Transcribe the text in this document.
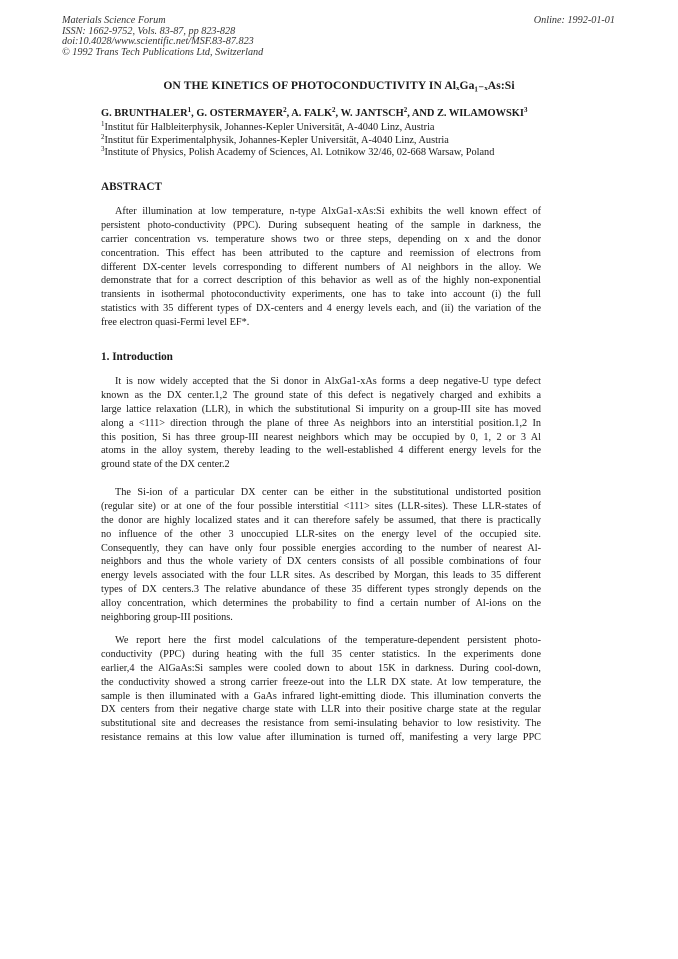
Materials Science Forum
ISSN: 1662-9752, Vols. 83-87, pp 823-828
doi:10.4028/www.scientific.net/MSF.83-87.823
© 1992 Trans Tech Publications Ltd, Switzerland
Online: 1992-01-01
ON THE KINETICS OF PHOTOCONDUCTIVITY IN AlₓGa₁₋ₓAs:Si
G. BRUNTHALER$^1$, G. OSTERMAYER$^2$, A. FALK$^2$, W. JANTSCH$^2$, AND Z. WILAMOWSKI$^3$
$^1$Institut für Halbleiterphysik, Johannes-Kepler Universität, A-4040 Linz, Austria
$^2$Institut für Experimentalphysik, Johannes-Kepler Universität, A-4040 Linz, Austria
$^3$Institute of Physics, Polish Academy of Sciences, Al. Lotnikow 32/46, 02-668 Warsaw, Poland
ABSTRACT
After illumination at low temperature, n-type AlxGa1-xAs:Si exhibits the well known effect of
persistent photo-conductivity (PPC). During subsequent heating of the sample in darkness, the
carrier concentration vs. temperature shows two or three steps, depending on x and the donor
concentration. This effect has been attributed to the capture and reemission of electrons from
different DX-center levels corresponding to different numbers of Al neighbors in the alloy. We
demonstrate that for a correct description of this behavior as well as of the highly non-exponential
transients in isothermal photoconductivity experiments, one has to take into account (i) the full
statistics with 35 different types of DX-centers and 4 energy levels each, and (ii) the variation of the
free electron quasi-Fermi level EF*.
1. Introduction
It is now widely accepted that the Si donor in AlxGa1-xAs forms a deep negative-U type defect
known as the DX center.1,2 The ground state of this defect is negatively charged and exhibits a
large lattice relaxation (LLR), in which the substitutional Si impurity on a group-III site has moved
along a <111> direction through the plane of three As neighbors into an interstitial position.1,2 In
this position, Si has three group-III nearest neighbors which may be occupied by 0, 1, 2 or 3 Al
atoms in the alloy system, thereby leading to the well-established 4 different energy levels for the
ground state of the DX center.2
The Si-ion of a particular DX center can be either in the substitutional undistorted position
(regular site) or at one of the four possible interstitial <111> sites (LLR-sites). These LLR-states of
the donor are highly localized states and it can therefore safely be assumed, that there is practically
no influence of the other 3 unoccupied LLR-sites on the energy level of the occupied site.
Consequently, they can have only four possible energies according to the number of nearest Al-
neighbors and thus the whole variety of DX centers consists of all possible combinations of four
energy levels associated with the four LLR sites. As described by Morgan, this leads to 35 different
types of DX centers.3 The relative abundance of these 35 different types strongly depends on the
alloy concentration, which determines the probability to find a certain number of Al-ions on the
neighboring group-III positions.
We report here the first model calculations of the temperature-dependent persistent photo-
conductivity (PPC) during heating with the full 35 center statistics. In the experiments done
earlier,4 the AlGaAs:Si samples were cooled down to about 15K in darkness. During cool-down,
the conductivity showed a strong carrier freeze-out into the LLR DX state. At low temperature, the
sample is then illuminated with a GaAs infrared light-emitting diode. This illumination converts the
DX centers from their negative charge state with LLR into their positive charge state at the regular
substitutional site and decreases the resistance from semi-insulating behavior to low resistivity. The
resistance remains at this low value after illumination is turned off, manifesting a very large PPC
